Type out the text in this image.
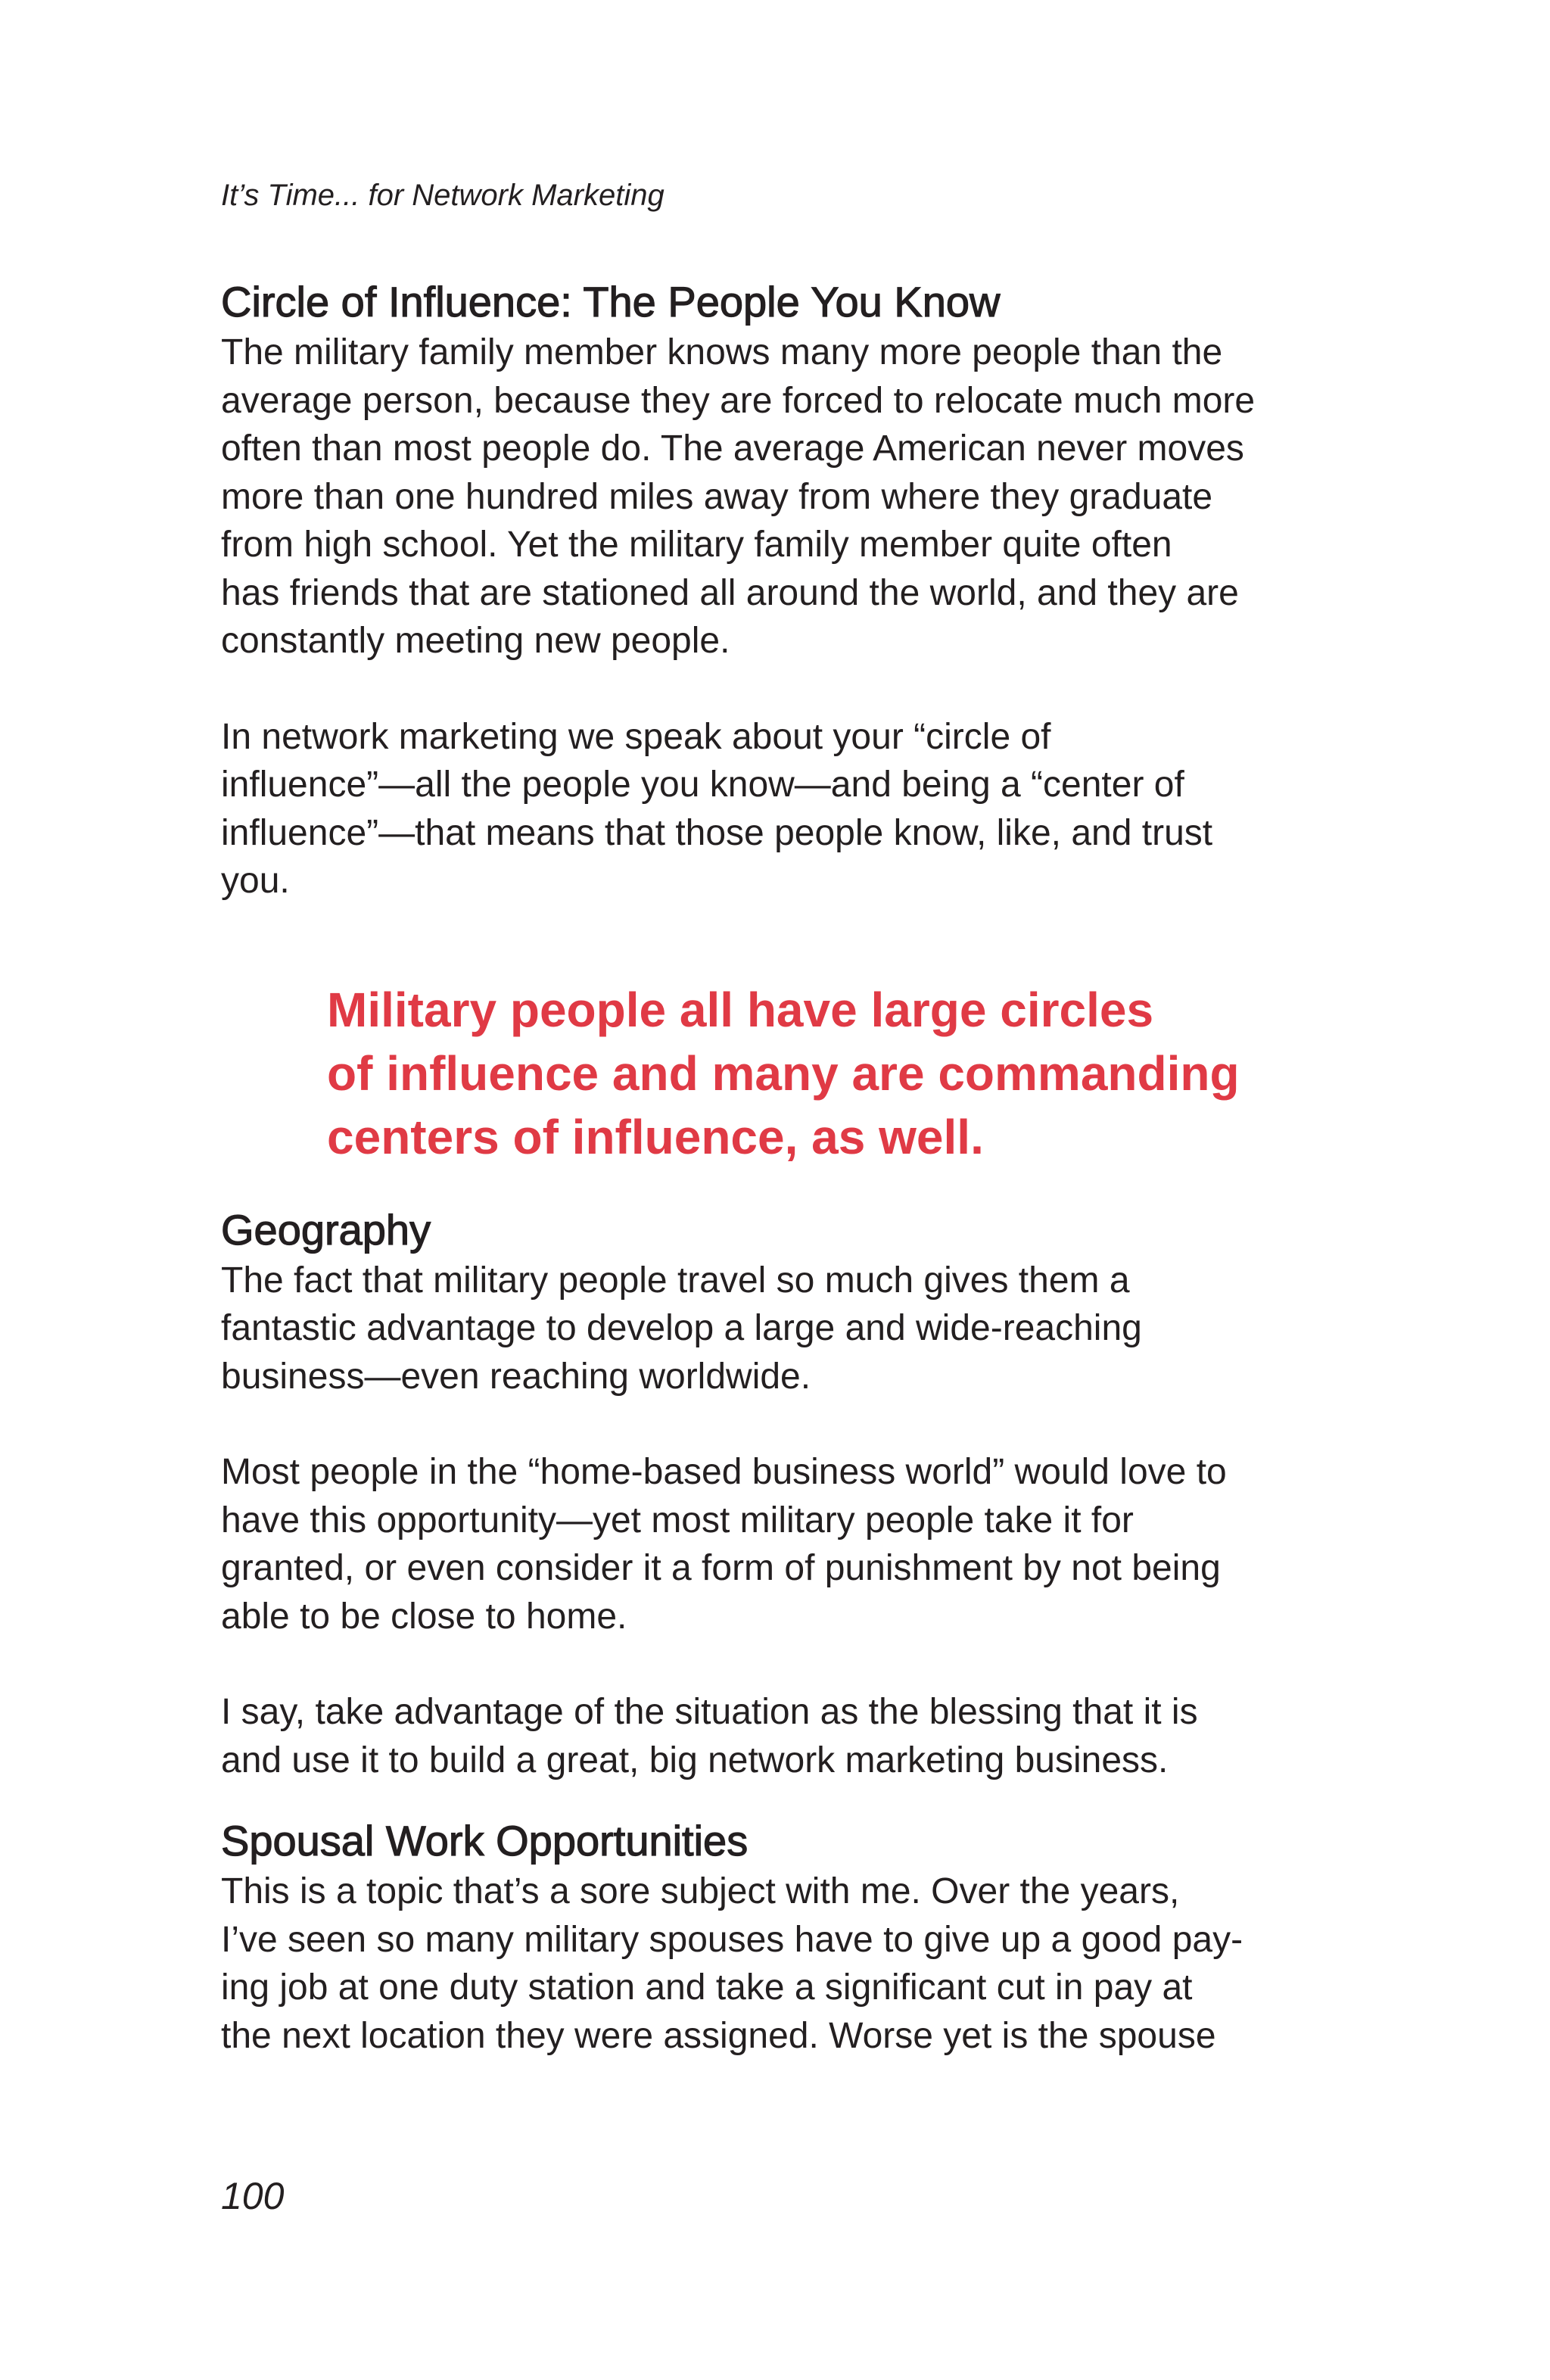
It’s Time... for Network Marketing
Circle of Influence: The People You Know

The military family member knows many more people than the
average person, because they are forced to relocate much more
often than most people do. The average American never moves
more than one hundred miles away from where they graduate
from high school. Yet the military family member quite often
has friends that are stationed all around the world, and they are
constantly meeting new people.

In network marketing we speak about your “circle of
influence”—all the people you know—and being a “center of
influence”—that means that those people know, like, and trust
you.

Military people all have large circles
of influence and many are commanding
centers of influence, as well.
Geography

The fact that military people travel so much gives them a
fantastic advantage to develop a large and wide-reaching
business—even reaching worldwide.

Most people in the “home-based business world” would love to
have this opportunity—yet most military people take it for
granted, or even consider it a form of punishment by not being
able to be close to home.

I say, take advantage of the situation as the blessing that it is
and use it to build a great, big network marketing business.

Spousal Work Opportunities

This is a topic that’s a sore subject with me. Over the years,
I’ve seen so many military spouses have to give up a good pay-
ing job at one duty station and take a significant cut in pay at
the next location they were assigned. Worse yet is the spouse

100
